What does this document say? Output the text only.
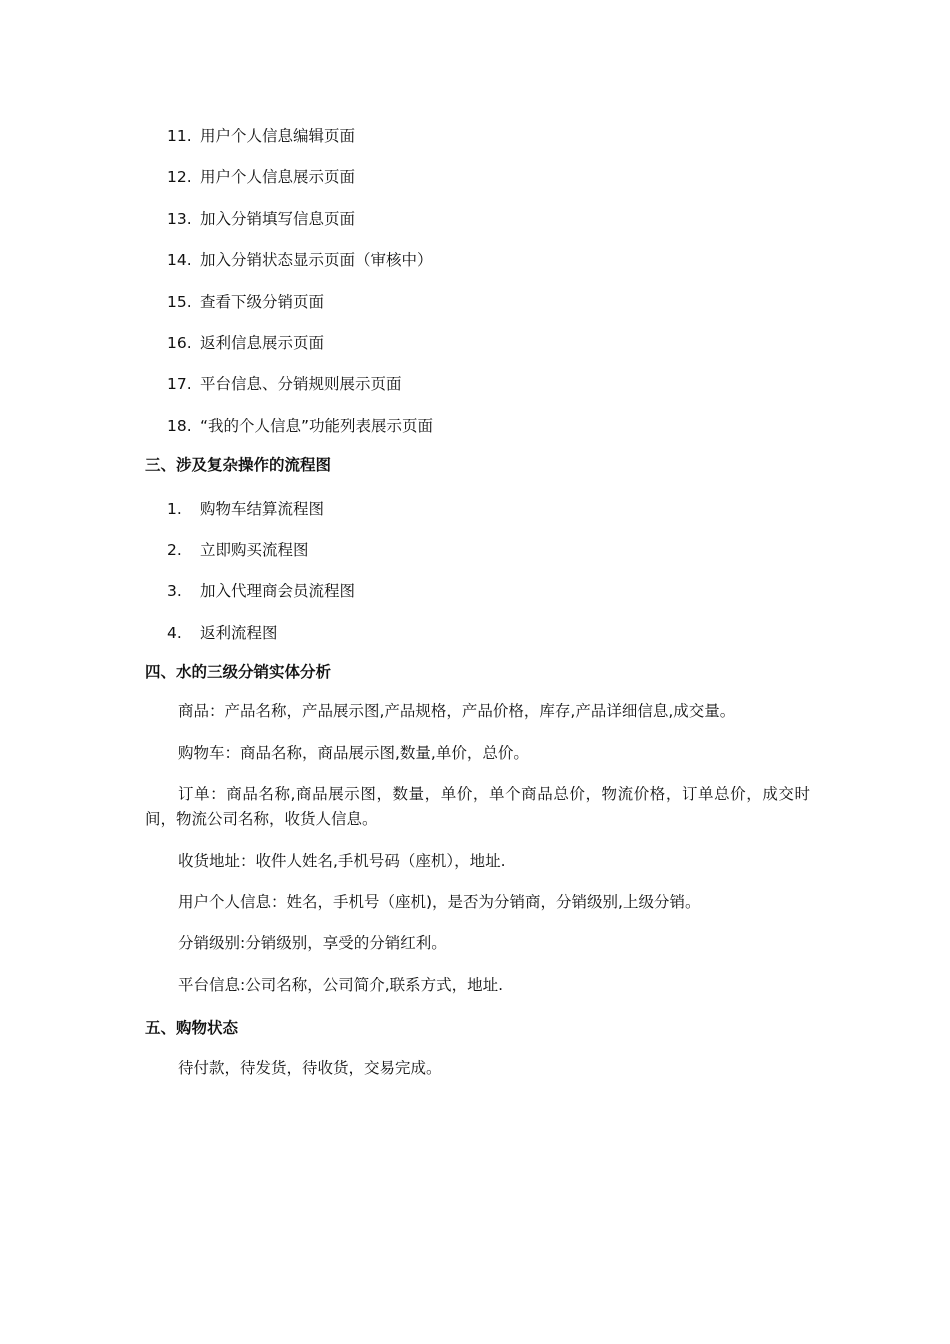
11. 用户个人信息编辑页面
12. 用户个人信息展示页面
13. 加入分销填写信息页面
14. 加入分销状态显示页面（审核中）
15. 查看下级分销页面
16. 返利信息展示页面
17. 平台信息、分销规则展示页面
18. “我的个人信息”功能列表展示页面
三、涉及复杂操作的流程图
1.	购物车结算流程图
2.	立即购买流程图
3.	加入代理商会员流程图
4.	返利流程图
四、水的三级分销实体分析
商品：产品名称，产品展示图,产品规格，产品价格，库存,产品详细信息,成交量。
购物车：商品名称，商品展示图,数量,单价，总价。
订单：商品名称,商品展示图，数量，单价，单个商品总价，物流价格，订单总价，成交时间，物流公司名称，收货人信息。
收货地址：收件人姓名,手机号码（座机），地址.
用户个人信息：姓名，手机号（座机)，是否为分销商，分销级别,上级分销。
分销级别:分销级别，享受的分销红利。
平台信息:公司名称，公司简介,联系方式，地址.
五、购物状态
待付款，待发货，待收货，交易完成。
